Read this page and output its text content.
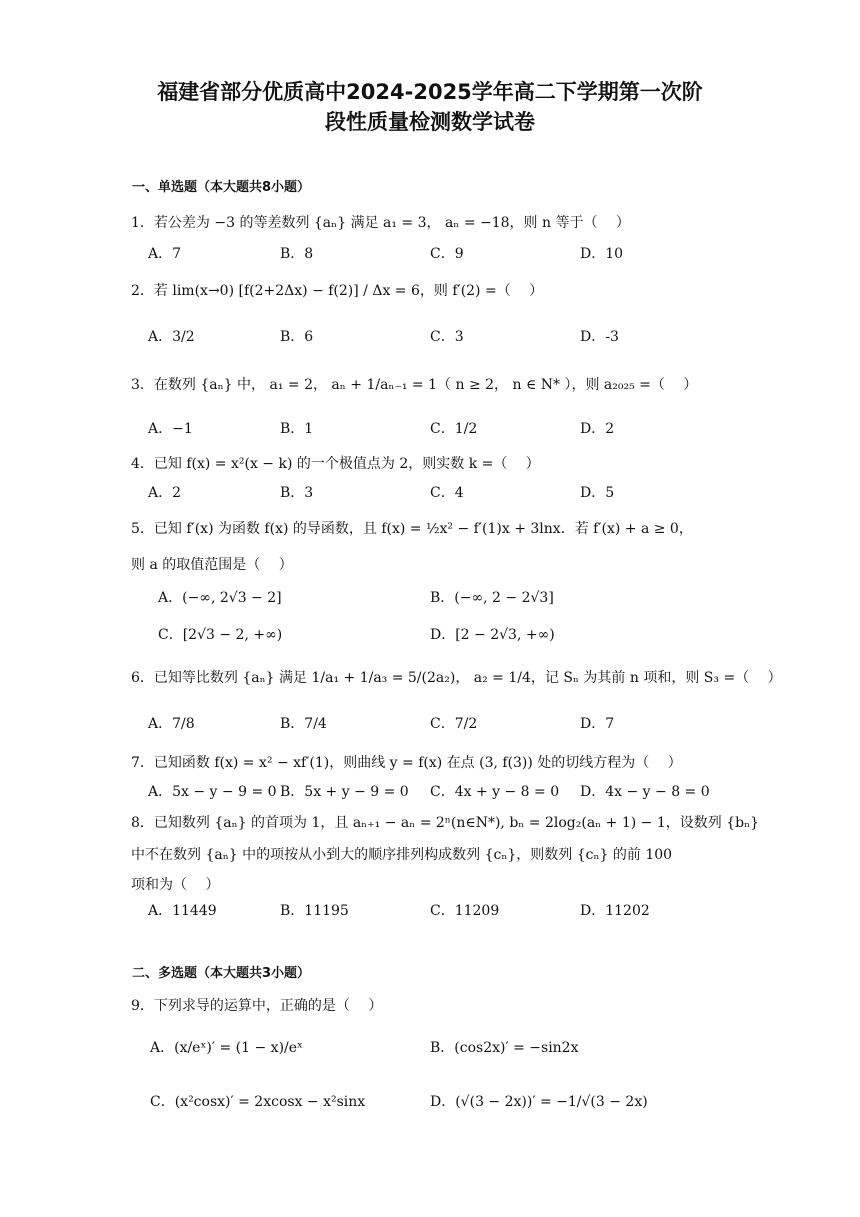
福建省部分优质高中2024-2025学年高二下学期第一次阶
段性质量检测数学试卷
一、单选题（本大题共8小题）
1．若公差为 −3 的等差数列 {aₙ} 满足 a₁ = 3， aₙ = −18，则 n 等于（　 ）
A．7	B．8	C．9	D．10
2．若 lim(x→0) [f(2+2Δx) − f(2)] / Δx = 6，则 f′(2) =（　 ）
A．3/2	B．6	C．3	D．-3
3．在数列 {aₙ} 中， a₁ = 2， aₙ + 1/aₙ₋₁ = 1（ n ≥ 2， n ∈ N* ），则 a₂₀₂₅ =（　 ）
A．−1	B．1	C．1/2	D．2
4．已知 f(x) = x²(x − k) 的一个极值点为 2，则实数 k =（　 ）
A．2	B．3	C．4	D．5
5．已知 f′(x) 为函数 f(x) 的导函数，且 f(x) = ½x² − f′(1)x + 3lnx．若 f′(x) + a ≥ 0，
则 a 的取值范围是（　 ）
A．(−∞, 2√3 − 2]	B．(−∞, 2 − 2√3]
C．[2√3 − 2, +∞)	D．[2 − 2√3, +∞)
6．已知等比数列 {aₙ} 满足 1/a₁ + 1/a₃ = 5/(2a₂)， a₂ = 1/4，记 Sₙ 为其前 n 项和，则 S₃ =（　 ）
A．7/8	B．7/4	C．7/2	D．7
7．已知函数 f(x) = x² − xf′(1)，则曲线 y = f(x) 在点 (3, f(3)) 处的切线方程为（　 ）
A．5x − y − 9 = 0 B．5x + y − 9 = 0 C．4x + y − 8 = 0 D．4x − y − 8 = 0
8．已知数列 {aₙ} 的首项为 1，且 aₙ₊₁ − aₙ = 2ⁿ(n∈N*), bₙ = 2log₂(aₙ + 1) − 1，设数列 {bₙ}
中不在数列 {aₙ} 中的项按从小到大的顺序排列构成数列 {cₙ}，则数列 {cₙ} 的前 100
项和为（　 ）
A．11449	B．11195	C．11209	D．11202
二、多选题（本大题共3小题）
9．下列求导的运算中，正确的是（　 ）
A．(x/eˣ)′ = (1 − x)/eˣ	B．(cos2x)′ = −sin2x
C．(x²cosx)′ = 2xcosx − x²sinx	D．(√(3 − 2x))′ = −1/√(3 − 2x)
